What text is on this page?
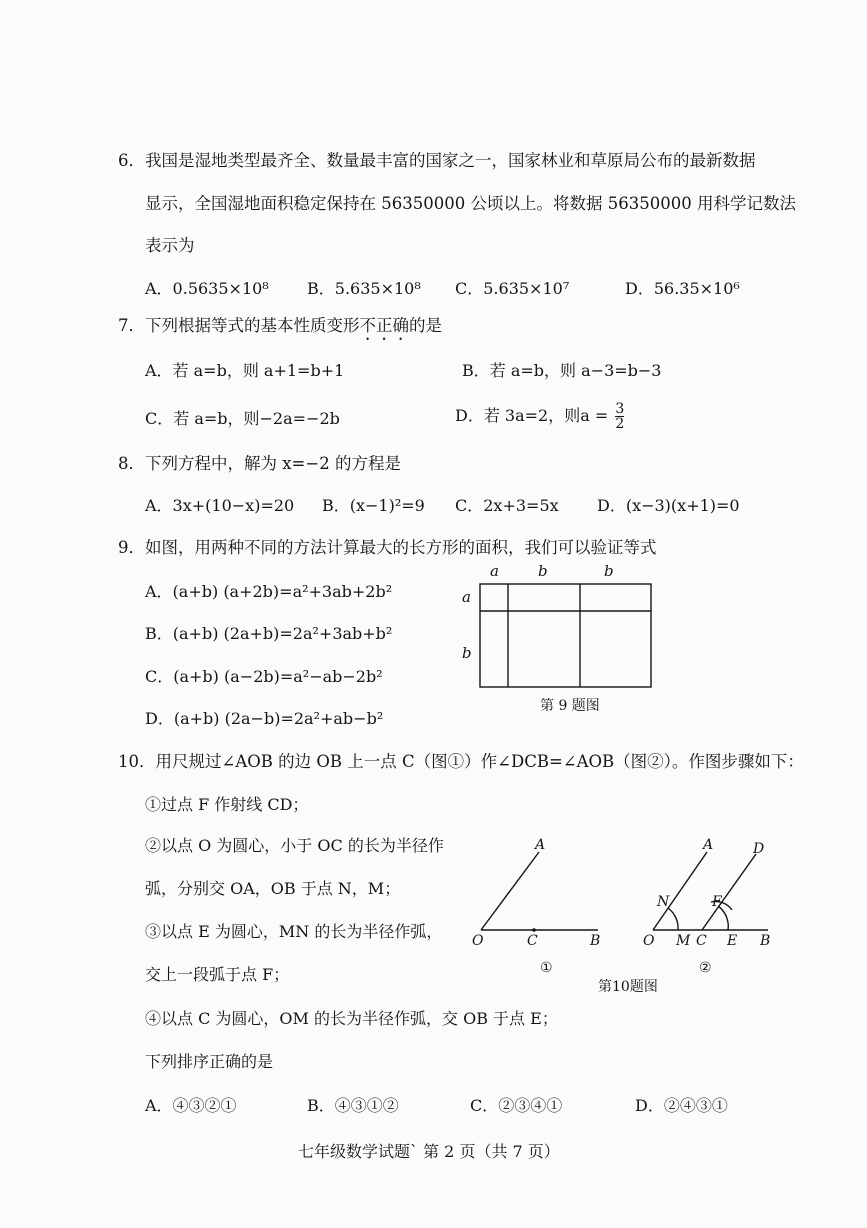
6．我国是湿地类型最齐全、数量最丰富的国家之一，国家林业和草原局公布的最新数据
显示，全国湿地面积稳定保持在 56350000 公顷以上。将数据 56350000 用科学记数法
表示为
A．0.5635×10⁸ B．5.635×10⁸ C．5.635×10⁷	D．56.35×10⁶
7．下列根据等式的基本性质变形不正确的是
A．若 a=b，则 a+1=b+1	B．若 a=b，则 a−3=b−3
C．若 a=b，则−2a=−2b	D．若 3a=2，则$a = \frac{3}{2}$
8．下列方程中，解为 x=−2 的方程是
A．3x+(10−x)=20 B．(x−1)²=9 C．2x+3=5x D．(x−3)(x+1)=0
9．如图，用两种不同的方法计算最大的长方形的面积，我们可以验证等式
A．(a+b) (a+2b)=a²+3ab+2b²
B．(a+b) (2a+b)=2a²+3ab+b²
C．(a+b) (a−2b)=a²−ab−2b²
D．(a+b) (2a−b)=2a²+ab−b²
a	b	b
a
b
第 9 题图
10．用尺规过∠AOB 的边 OB 上一点 C（图①）作∠DCB=∠AOB（图②）。作图步骤如下：
①过点 F 作射线 CD；
②以点 O 为圆心，小于 OC 的长为半径作
弧，分别交 OA，OB 于点 N，M；
③以点 E 为圆心，MN 的长为半径作弧，
交上一段弧于点 F；
④以点 C 为圆心，OM 的长为半径作弧，交 OB 于点 E；
下列排序正确的是
A．④③②①	B．④③①②	C．②③④①	D．②④③①
A
O	C	B
①
A	D
N	F
O M C E B
②
第10题图
七年级数学试题` 第 2 页（共 7 页）
